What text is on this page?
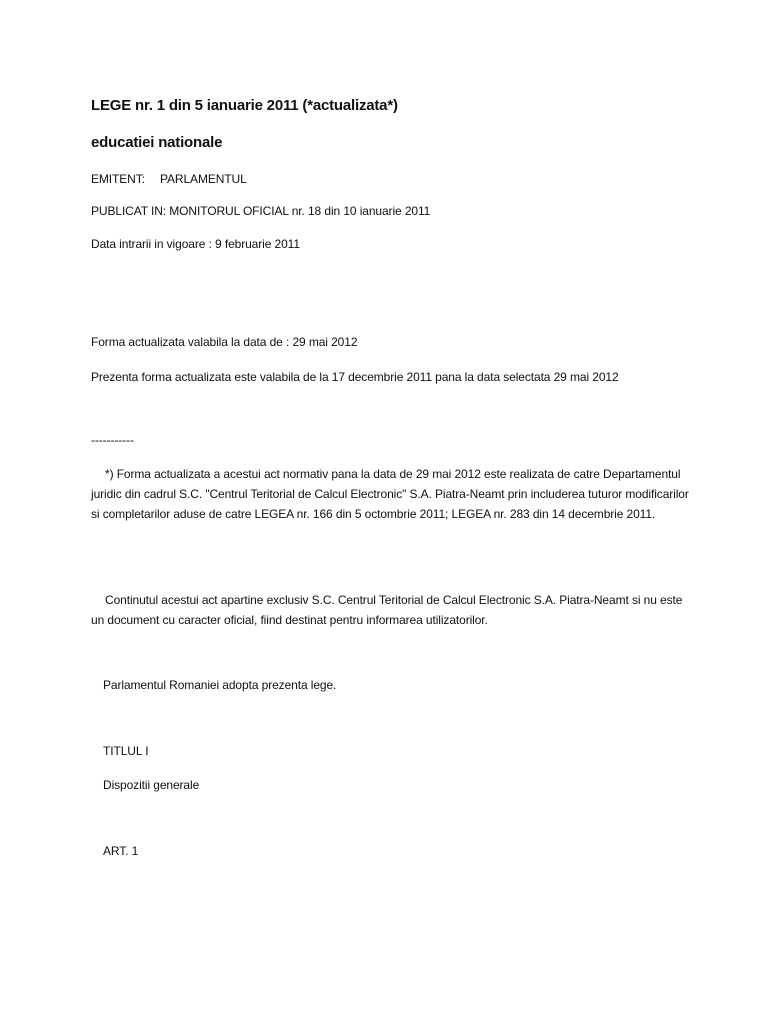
LEGE nr. 1 din 5 ianuarie 2011 (*actualizata*)

educatiei nationale

EMITENT: PARLAMENTUL

PUBLICAT IN: MONITORUL OFICIAL nr. 18 din 10 ianuarie 2011

Data intrarii in vigoare : 9 februarie 2011

Forma actualizata valabila la data de : 29 mai 2012

Prezenta forma actualizata este valabila de la 17 decembrie 2011 pana la data selectata 29 mai 2012

-----------

*) Forma actualizata a acestui act normativ pana la data de 29 mai 2012 este realizata de catre Departamentul juridic din cadrul S.C. "Centrul Teritorial de Calcul Electronic" S.A. Piatra-Neamt prin includerea tuturor modificarilor si completarilor aduse de catre LEGEA nr. 166 din 5 octombrie 2011; LEGEA nr. 283 din 14 decembrie 2011.

Continutul acestui act apartine exclusiv S.C. Centrul Teritorial de Calcul Electronic S.A. Piatra-Neamt si nu este un document cu caracter oficial, fiind destinat pentru informarea utilizatorilor.

Parlamentul Romaniei adopta prezenta lege.

TITLUL I

Dispozitii generale

ART. 1
